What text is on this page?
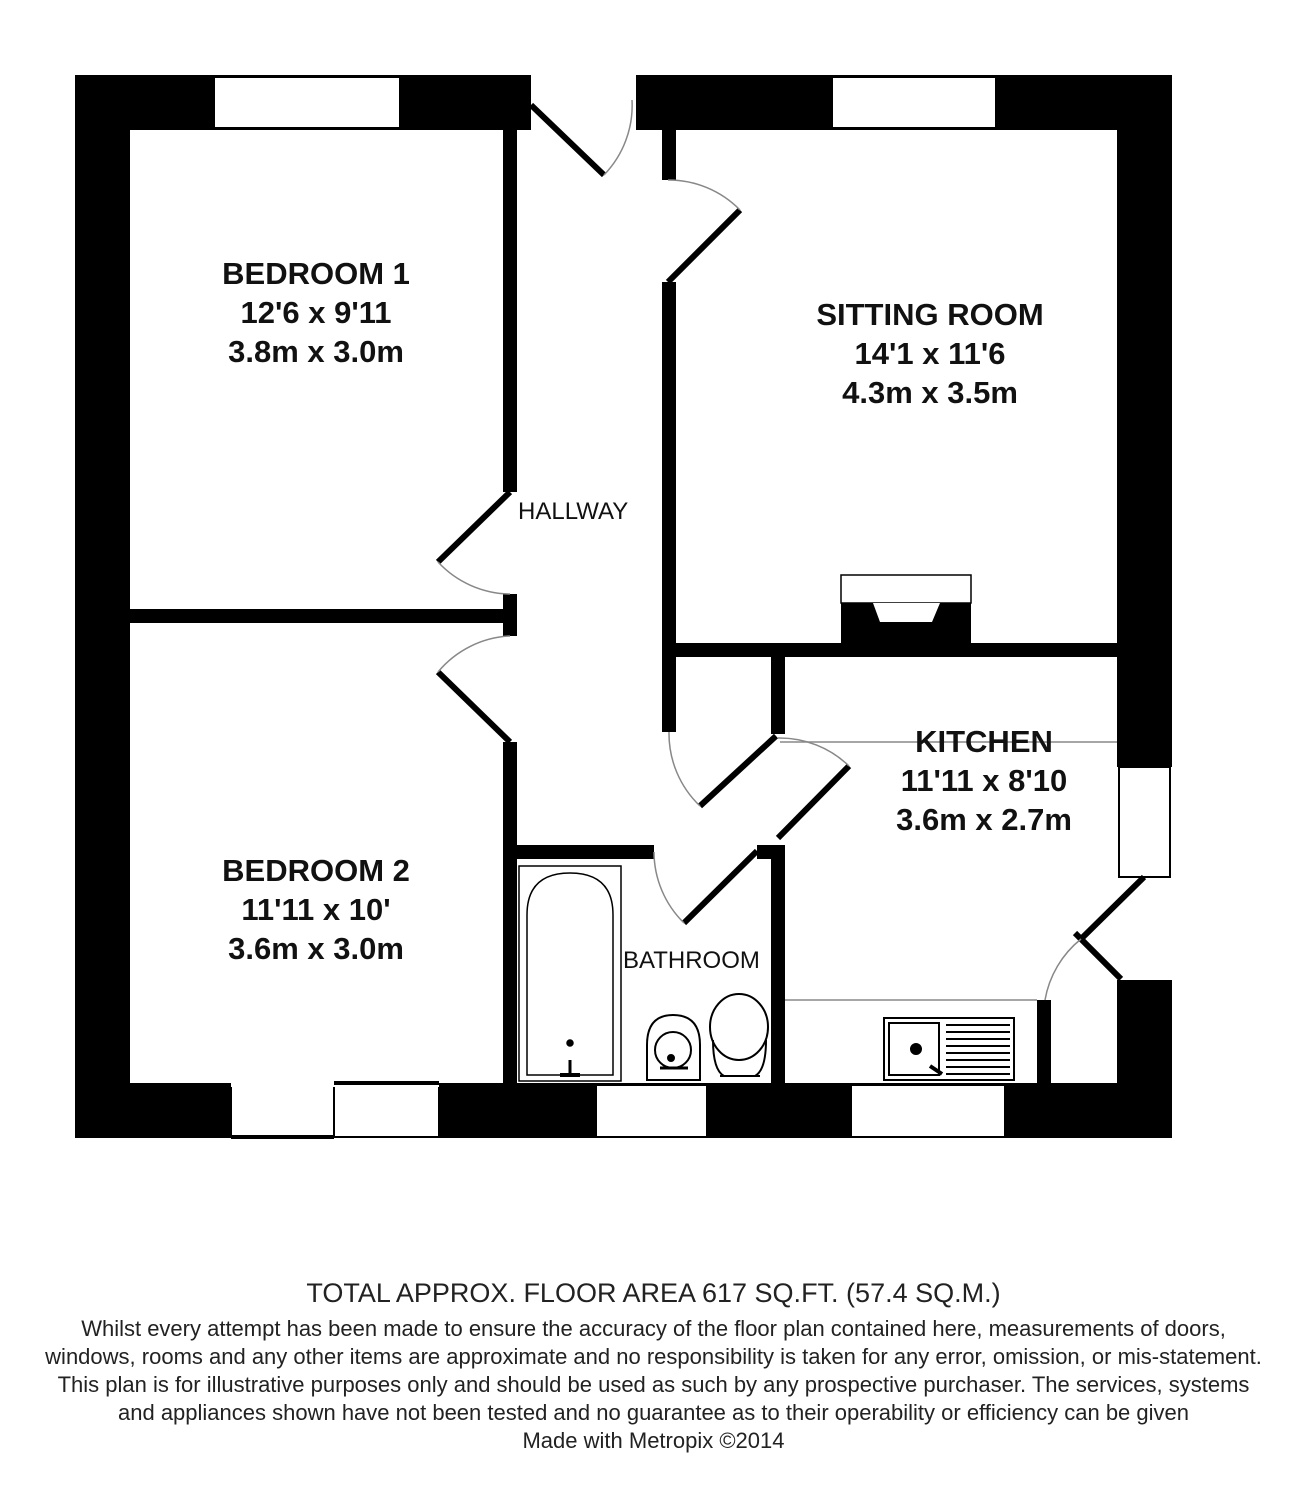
BEDROOM 1
12'6 x 9'11
3.8m x 3.0m
SITTING ROOM
14'1 x 11'6
4.3m x 3.5m
KITCHEN
11'11 x 8'10
3.6m x 2.7m
BEDROOM 2
11'11 x 10'
3.6m x 3.0m
HALLWAY
BATHROOM
TOTAL APPROX. FLOOR AREA 617 SQ.FT. (57.4 SQ.M.)
Whilst every attempt has been made to ensure the accuracy of the floor plan contained here, measurements of doors, windows, rooms and any other items are approximate and no responsibility is taken for any error, omission, or mis-statement. This plan is for illustrative purposes only and should be used as such by any prospective purchaser. The services, systems and appliances shown have not been tested and no guarantee as to their operability or efficiency can be given
Made with Metropix ©2014
